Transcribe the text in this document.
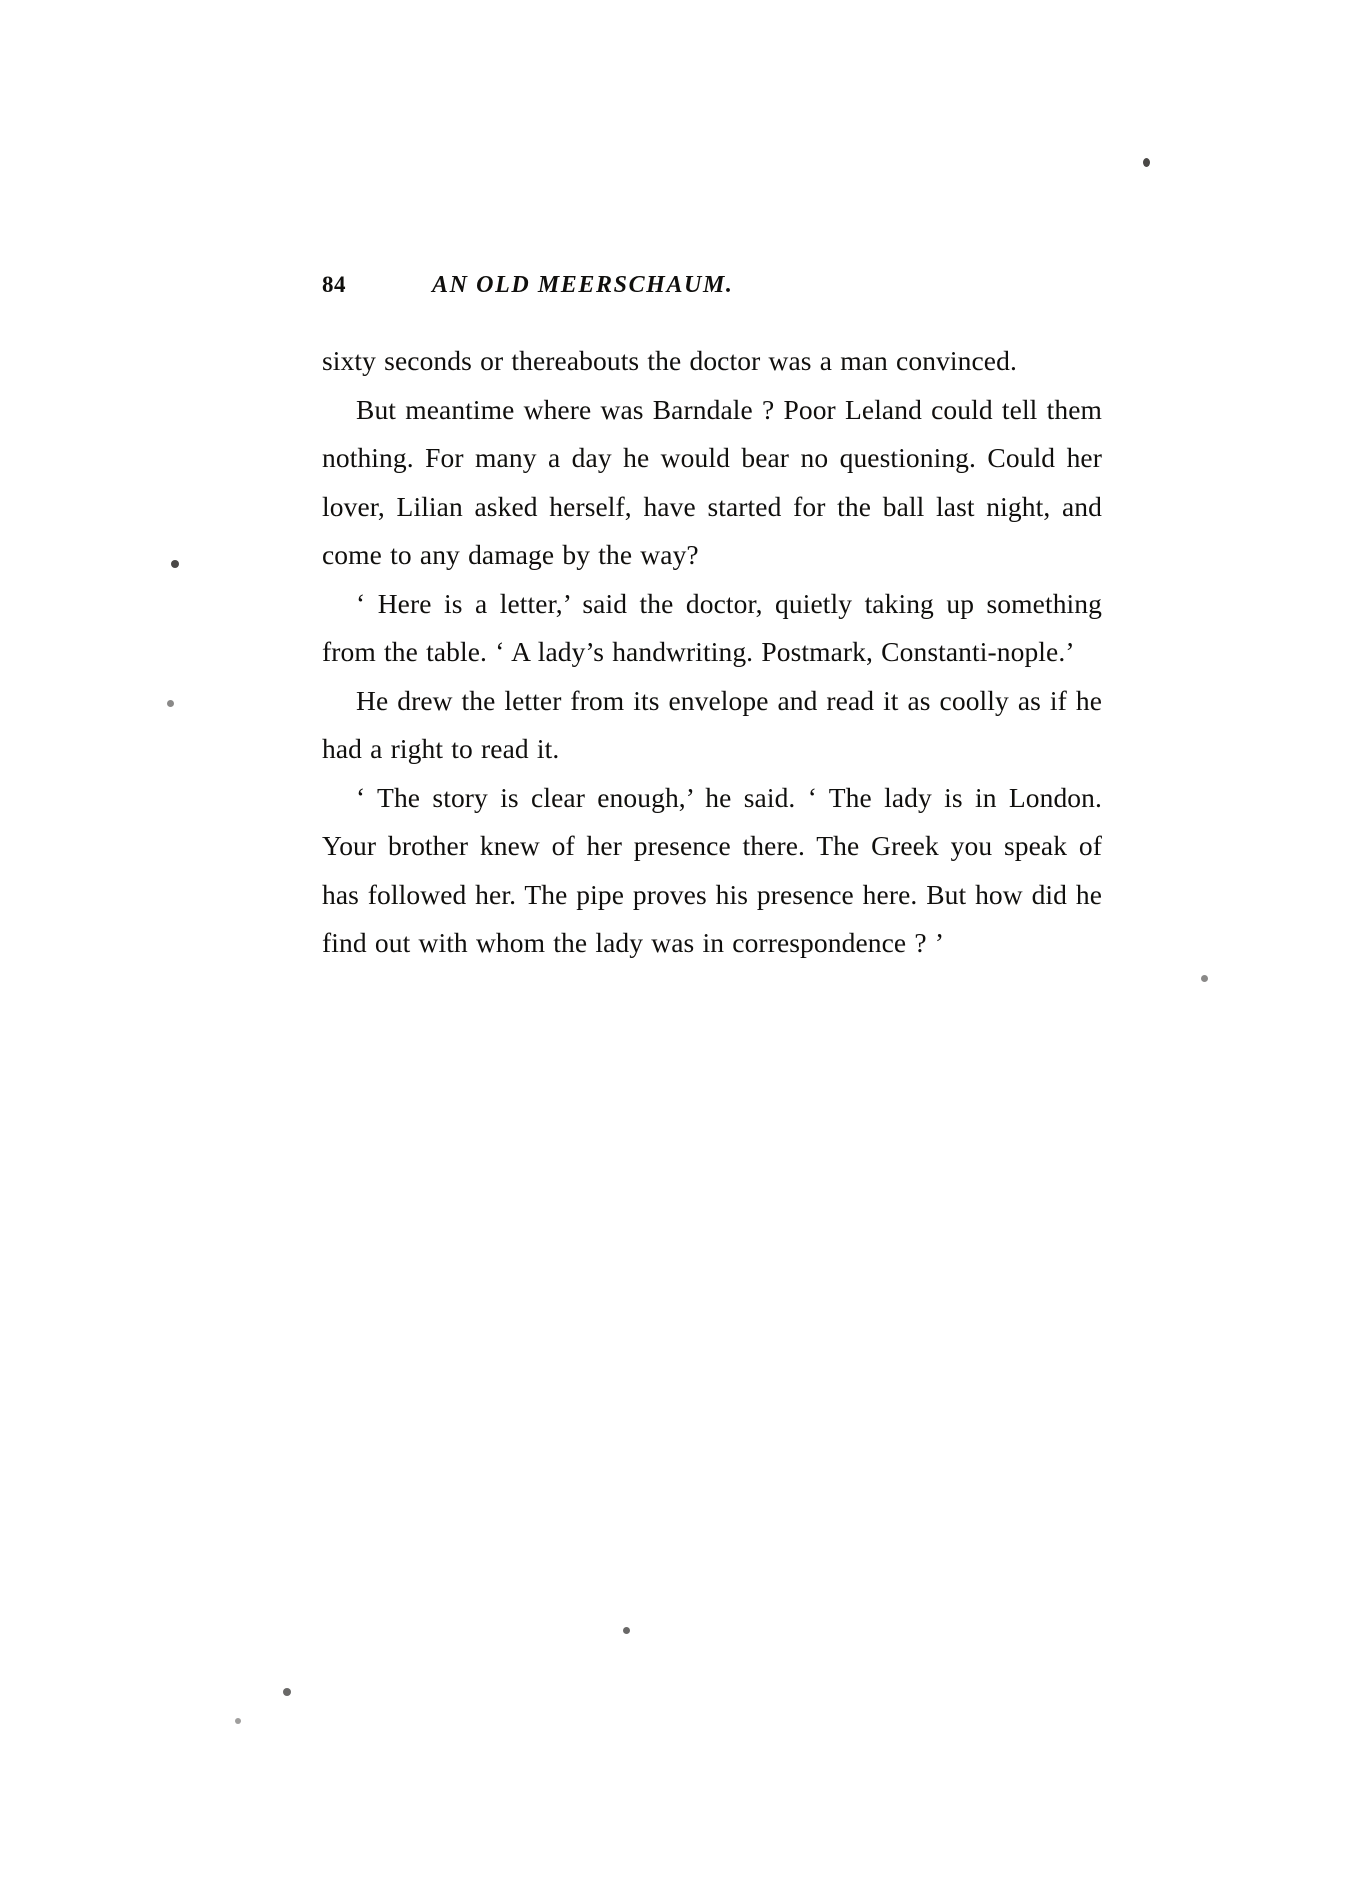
84	AN OLD MEERSCHAUM.

sixty seconds or thereabouts the doctor was a man convinced.

But meantime where was Barndale ? Poor Leland could tell them nothing. For many a day he would bear no questioning. Could her lover, Lilian asked herself, have started for the ball last night, and come to any damage by the way?

‘ Here is a letter,’ said the doctor, quietly taking up something from the table. ‘ A lady’s handwriting. Postmark, Constanti-nople.’

He drew the letter from its envelope and read it as coolly as if he had a right to read it.

‘ The story is clear enough,’ he said. ‘ The lady is in London. Your brother knew of her presence there. The Greek you speak of has followed her. The pipe proves his presence here. But how did he find out with whom the lady was in correspondence ? ’
